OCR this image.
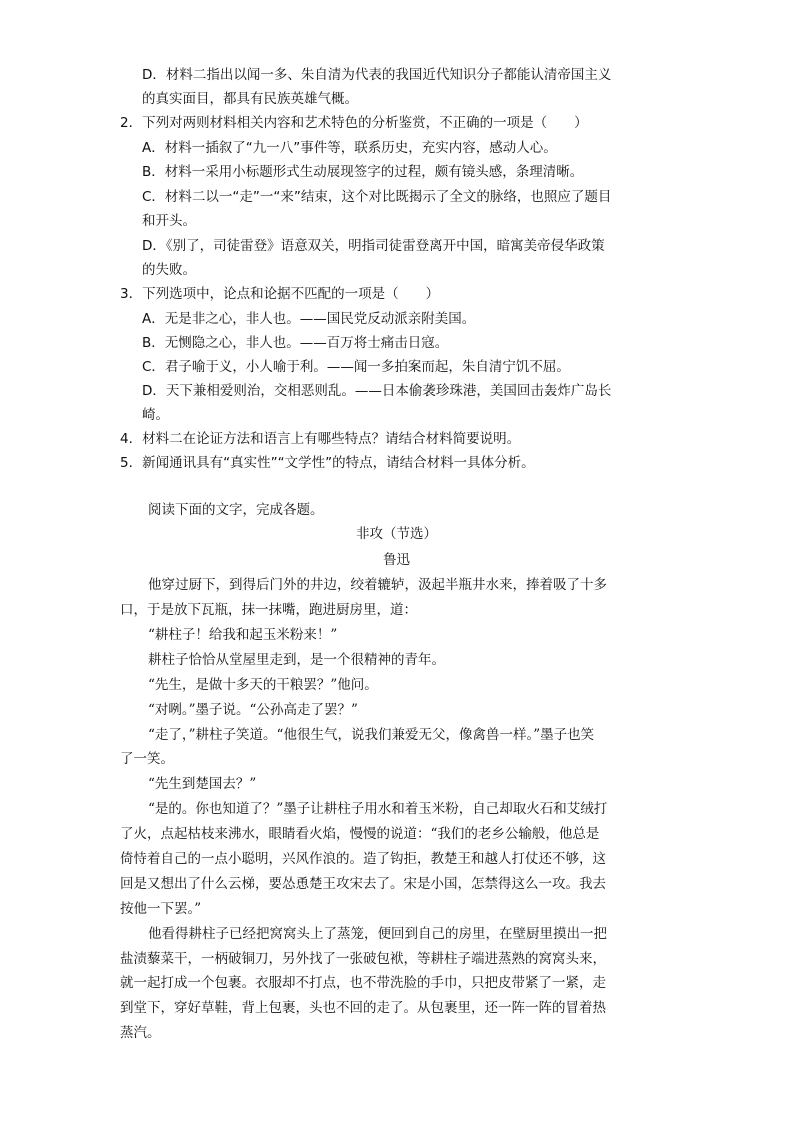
D．材料二指出以闻一多、朱自清为代表的我国近代知识分子都能认清帝国主义
的真实面目，都具有民族英雄气概。
2．下列对两则材料相关内容和艺术特色的分析鉴赏，不正确的一项是（　　）
A．材料一插叙了“九一八”事件等，联系历史，充实内容，感动人心。
B．材料一采用小标题形式生动展现签字的过程，颇有镜头感，条理清晰。
C．材料二以一“走”一“来”结束，这个对比既揭示了全文的脉络，也照应了题目
和开头。
D．《别了，司徒雷登》语意双关，明指司徒雷登离开中国，暗寓美帝侵华政策
的失败。
3．下列选项中，论点和论据不匹配的一项是（　　）
A．无是非之心，非人也。——国民党反动派亲附美国。
B．无恻隐之心，非人也。——百万将士痛击日寇。
C．君子喻于义，小人喻于利。——闻一多拍案而起，朱自清宁饥不屈。
D．天下兼相爱则治，交相恶则乱。——日本偷袭珍珠港，美国回击轰炸广岛长
崎。
4．材料二在论证方法和语言上有哪些特点？请结合材料简要说明。
5．新闻通讯具有“真实性”“文学性”的特点，请结合材料一具体分析。
阅读下面的文字，完成各题。
非攻（节选）
鲁迅
他穿过厨下，到得后门外的井边，绞着辘轳，汲起半瓶井水来，捧着吸了十多
口，于是放下瓦瓶，抹一抹嘴，跑进厨房里，道：
“耕柱子！给我和起玉米粉来！”
耕柱子恰恰从堂屋里走到，是一个很精神的青年。
“先生，是做十多天的干粮罢？”他问。
“对咧。”墨子说。“公孙高走了罢？”
“走了，”耕柱子笑道。“他很生气，说我们兼爱无父，像禽兽一样。”墨子也笑
了一笑。
“先生到楚国去？”
“是的。你也知道了？”墨子让耕柱子用水和着玉米粉，自己却取火石和艾绒打
了火，点起枯枝来沸水，眼睛看火焰，慢慢的说道：“我们的老乡公输般，他总是
倚恃着自己的一点小聪明，兴风作浪的。造了钩拒，教楚王和越人打仗还不够，这
回是又想出了什么云梯，要怂恿楚王攻宋去了。宋是小国，怎禁得这么一攻。我去
按他一下罢。”
他看得耕柱子已经把窝窝头上了蒸笼，便回到自己的房里，在壁厨里摸出一把
盐渍藜菜干，一柄破铜刀，另外找了一张破包袱，等耕柱子端进蒸熟的窝窝头来，
就一起打成一个包裹。衣服却不打点，也不带洗脸的手巾，只把皮带紧了一紧，走
到堂下，穿好草鞋，背上包裹，头也不回的走了。从包裹里，还一阵一阵的冒着热
蒸汽。
